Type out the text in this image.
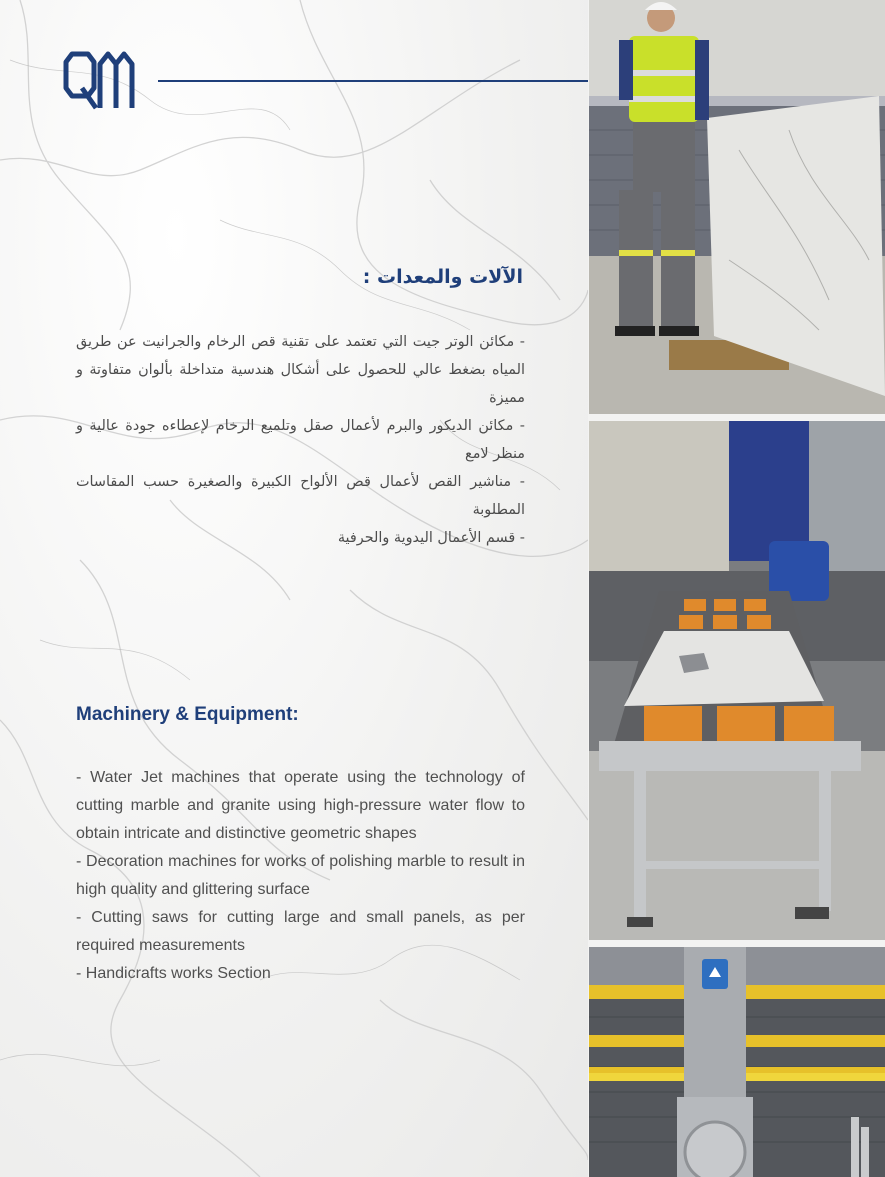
الآلات والمعدات :

- مكائن الوتر جيت التي تعتمد على تقنية قص الرخام والجرانيت عن طريق المياه بضغط عالي للحصول على أشكال هندسية متداخلة بألوان متفاوتة و مميزة

- مكائن الديكور والبرم لأعمال صقل وتلميع الرخام لإعطاءه جودة عالية و منظر لامع

- مناشير القص لأعمال قص الألواح الكبيرة والصغيرة حسب المقاسات المطلوبة

- قسم الأعمال اليدوية والحرفية

Machinery & Equipment:

- Water Jet machines that operate using the technology of cutting marble and granite using high-pressure water flow to obtain intricate and distinctive geometric shapes

- Decoration machines for works of polishing marble to result in high quality and glittering surface

- Cutting saws for cutting large and small panels, as per required measurements

- Handicrafts works Section
